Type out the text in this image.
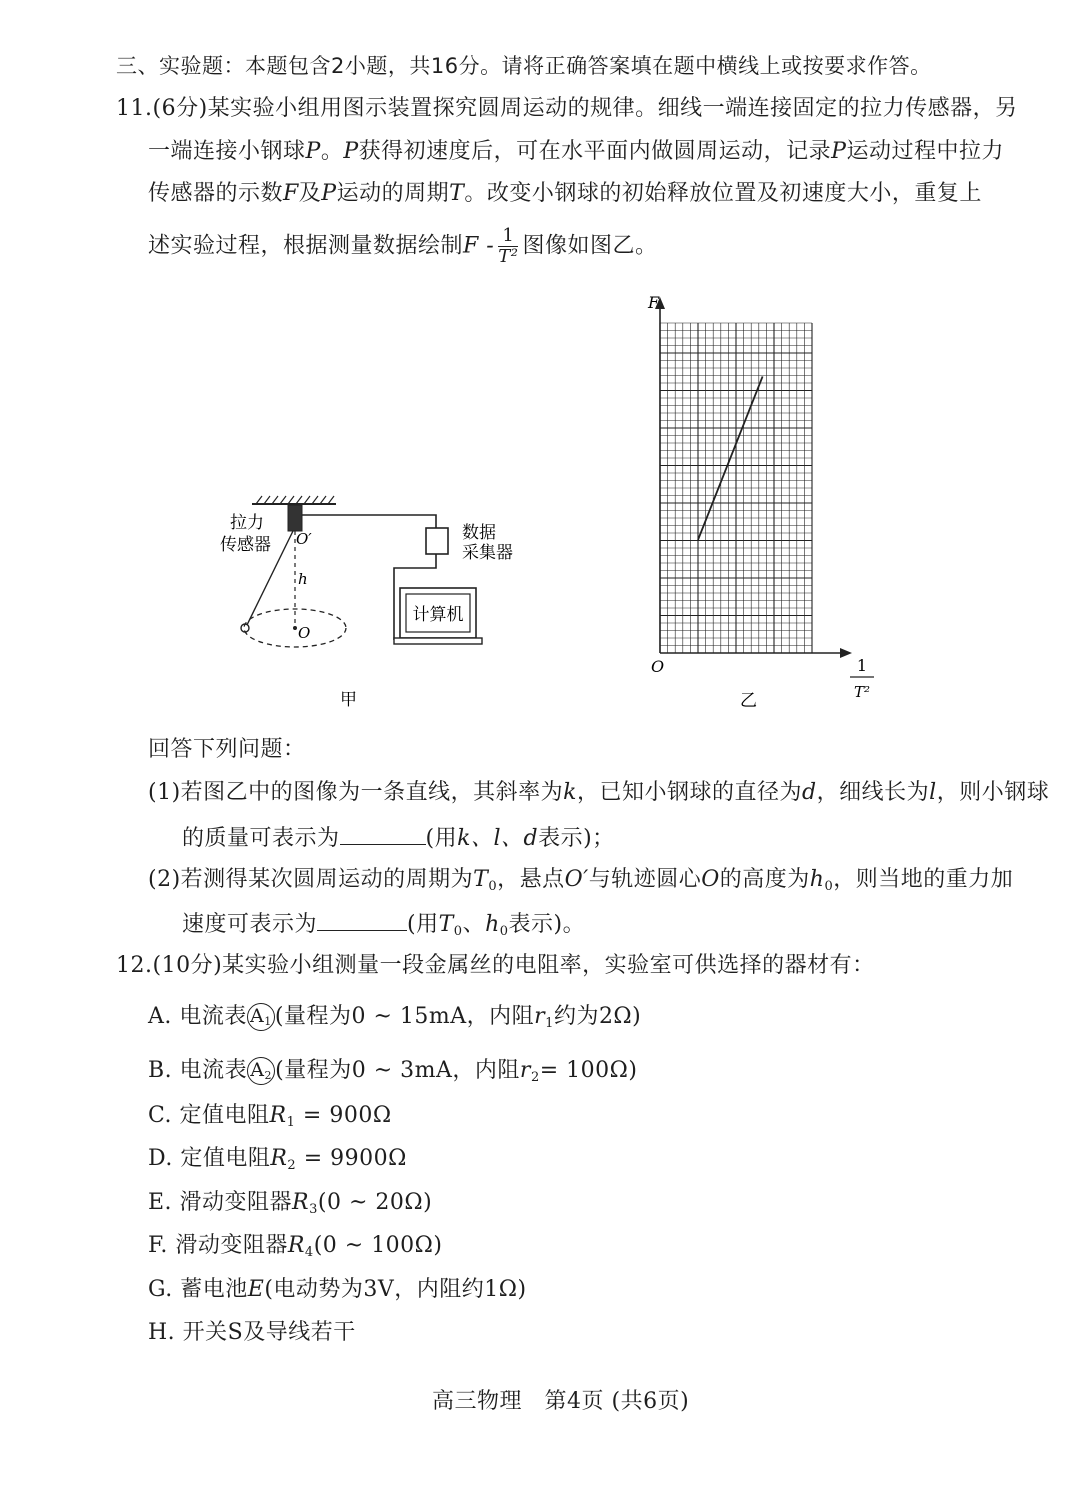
三、实验题：本题包含2小题，共16分。请将正确答案填在题中横线上或按要求作答。
11.(6分)某实验小组用图示装置探究圆周运动的规律。细线一端连接固定的拉力传感器，另
一端连接小钢球P。P获得初速度后，可在水平面内做圆周运动，记录P运动过程中拉力
传感器的示数F及P运动的周期T。改变小钢球的初始释放位置及初速度大小，重复上
述实验过程，根据测量数据绘制F - $\frac{1}{\text{T²}}$ 图像如图乙。
拉力
传感器 O′
h
O
数据
采集器
计算机
甲
F
O	1
T²
乙
回答下列问题：
(1)若图乙中的图像为一条直线，其斜率为k，已知小钢球的直径为d，细线长为l，则小钢球
的质量可表示为	(用k、l、d表示)；
(2)若测得某次圆周运动的周期为$T_0$，悬点O′与轨迹圆心O的高度为$h_0$，则当地的重力加
速度可表示为	(用$T_0$、$h_0$表示)。
12.(10分)某实验小组测量一段金属丝的电阻率，实验室可供选择的器材有：
A. 电流表 $A_1$ (量程为0 ~ 15mA，内阻$r_1$约为2Ω)
B. 电流表 $A_2$ (量程为0 ~ 3mA，内阻$r_2= 100\Omega$)
C. 定值电阻$R_1 = 900\Omega$
D. 定值电阻$R_2 = 9900\Omega$
E. 滑动变阻器$R_3(0$ ~ 20Ω)
F. 滑动变阻器$R_4(0$ ~ 100Ω)
G. 蓄电池E(电动势为3V，内阻约1Ω)
H. 开关S及导线若干
高三物理　第4页 (共6页)
